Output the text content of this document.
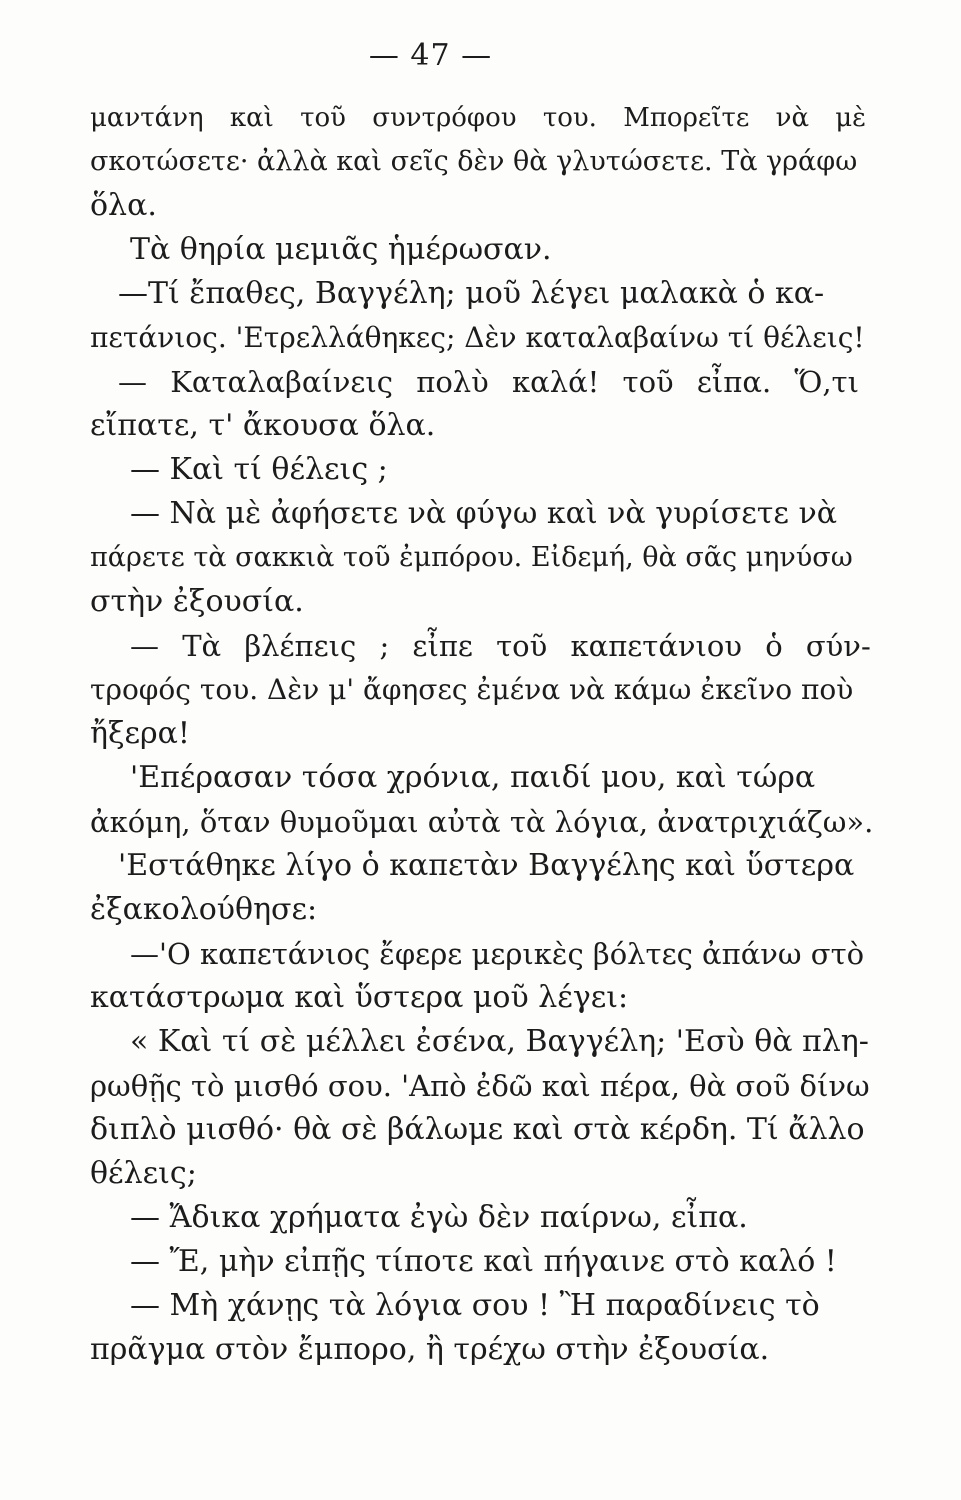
— 47 —
μαντάνη καὶ τοῦ συντρόφου του. Μπορεῖτε νὰ μὲ
σκοτώσετε· ἀλλὰ καὶ σεῖς δὲν θὰ γλυτώσετε. Τὰ γράφω
ὅλα.
Τὰ θηρία μεμιᾶς ἡμέρωσαν.
—Τί ἔπαθες, Βαγγέλη; μοῦ λέγει μαλακὰ ὁ κα-
πετάνιος. 'Ετρελλάθηκες; Δὲν καταλαβαίνω τί θέλεις!
— Καταλαβαίνεις πολὺ καλά! τοῦ εἶπα. Ὅ,τι
εἴπατε, τ' ἄκουσα ὅλα.
— Καὶ τί θέλεις ;
— Νὰ μὲ ἀφήσετε νὰ φύγω καὶ νὰ γυρίσετε νὰ
πάρετε τὰ σακκιὰ τοῦ ἐμπόρου. Εἰδεμή, θὰ σᾶς μηνύσω
στὴν ἐξουσία.
— Τὰ βλέπεις ; εἶπε τοῦ καπετάνιου ὁ σύν-
τροφός του. Δὲν μ' ἄφησες ἐμένα νὰ κάμω ἐκεῖνο ποὺ
ἤξερα!
'Επέρασαν τόσα χρόνια, παιδί μου, καὶ τώρα
ἀκόμη, ὅταν θυμοῦμαι αὐτὰ τὰ λόγια, ἀνατριχιάζω».
'Εστάθηκε λίγο ὁ καπετὰν Βαγγέλης καὶ ὕστερα
ἐξακολούθησε:
—'Ο καπετάνιος ἔφερε μερικὲς βόλτες ἀπάνω στὸ
κατάστρωμα καὶ ὕστερα μοῦ λέγει:
« Καὶ τί σὲ μέλλει ἐσένα, Βαγγέλη; 'Εσὺ θὰ πλη-
ρωθῇς τὸ μισθό σου. 'Απὸ ἐδῶ καὶ πέρα, θὰ σοῦ δίνω
διπλὸ μισθό· θὰ σὲ βάλωμε καὶ στὰ κέρδη. Τί ἄλλο
θέλεις;
— Ἄδικα χρήματα ἐγὼ δὲν παίρνω, εἶπα.
— Ἔ, μὴν εἰπῇς τίποτε καὶ πήγαινε στὸ καλό !
— Μὴ χάνῃς τὰ λόγια σου ! Ἢ παραδίνεις τὸ
πρᾶγμα στὸν ἔμπορο, ἢ τρέχω στὴν ἐξουσία.
